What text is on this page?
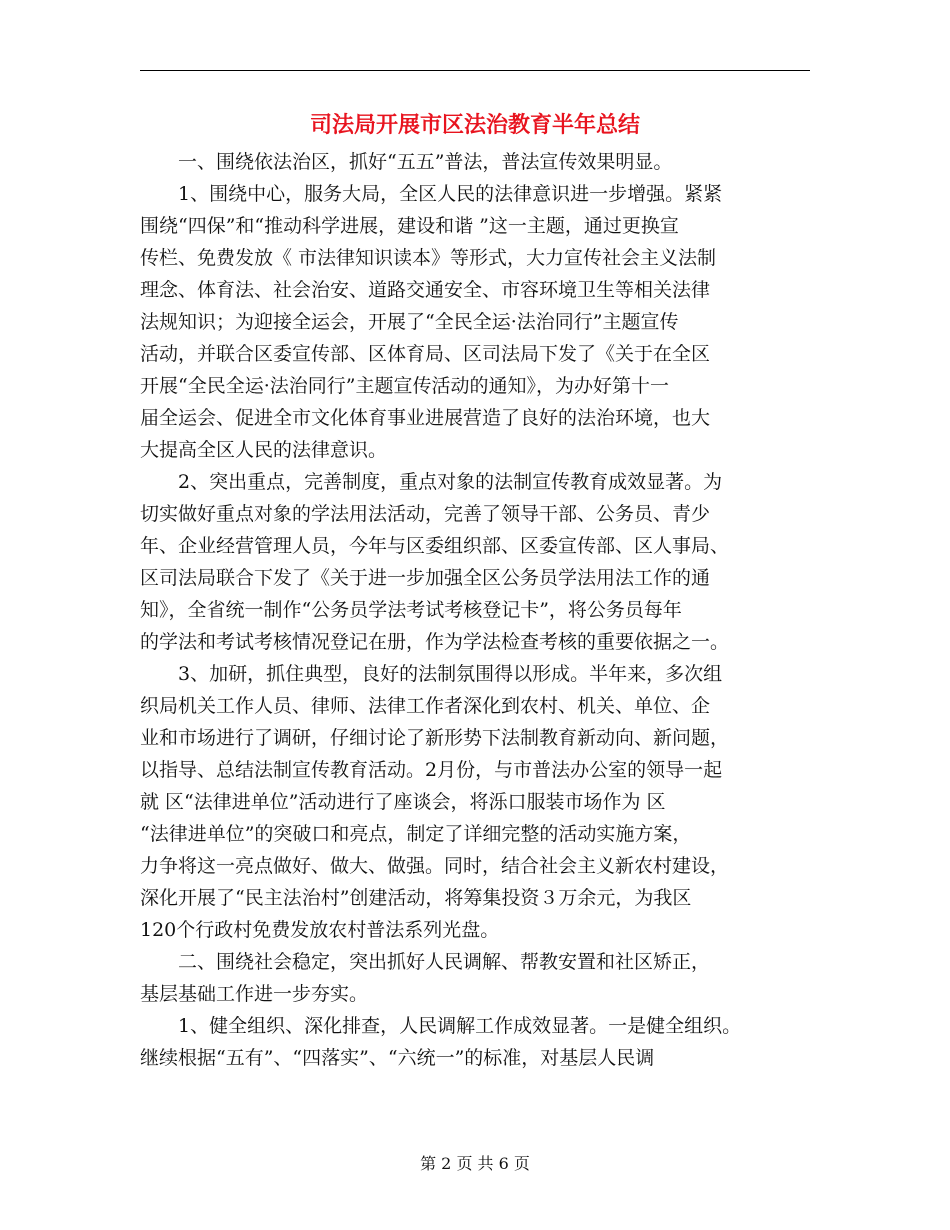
司法局开展市区法治教育半年总结
一、围绕依法治区，抓好“五五”普法，普法宣传效果明显。
1、围绕中心，服务大局，全区人民的法律意识进一步增强。紧紧
围绕“四保”和“推动科学进展，建设和谐 ”这一主题，通过更换宣
传栏、免费发放《 市法律知识读本》等形式，大力宣传社会主义法制
理念、体育法、社会治安、道路交通安全、市容环境卫生等相关法律
法规知识；为迎接全运会，开展了“全民全运·法治同行”主题宣传
活动，并联合区委宣传部、区体育局、区司法局下发了《关于在全区
开展“全民全运·法治同行”主题宣传活动的通知》，为办好第十一
届全运会、促进全市文化体育事业进展营造了良好的法治环境，也大
大提高全区人民的法律意识。
2、突出重点，完善制度，重点对象的法制宣传教育成效显著。为
切实做好重点对象的学法用法活动，完善了领导干部、公务员、青少
年、企业经营管理人员，今年与区委组织部、区委宣传部、区人事局、
区司法局联合下发了《关于进一步加强全区公务员学法用法工作的通
知》，全省统一制作“公务员学法考试考核登记卡”，将公务员每年
的学法和考试考核情况登记在册，作为学法检查考核的重要依据之一。
3、加研，抓住典型，良好的法制氛围得以形成。半年来，多次组
织局机关工作人员、律师、法律工作者深化到农村、机关、单位、企
业和市场进行了调研，仔细讨论了新形势下法制教育新动向、新问题，
以指导、总结法制宣传教育活动。2月份，与市普法办公室的领导一起
就 区“法律进单位”活动进行了座谈会，将泺口服装市场作为 区
“法律进单位”的突破口和亮点，制定了详细完整的活动实施方案，
力争将这一亮点做好、做大、做强。同时，结合社会主义新农村建设，
深化开展了“民主法治村”创建活动，将筹集投资３万余元，为我区
120个行政村免费发放农村普法系列光盘。
二、围绕社会稳定，突出抓好人民调解、帮教安置和社区矫正，
基层基础工作进一步夯实。
1、健全组织、深化排查，人民调解工作成效显著。一是健全组织。
继续根据“五有”、“四落实”、“六统一”的标准，对基层人民调
第 2 页 共 6 页
